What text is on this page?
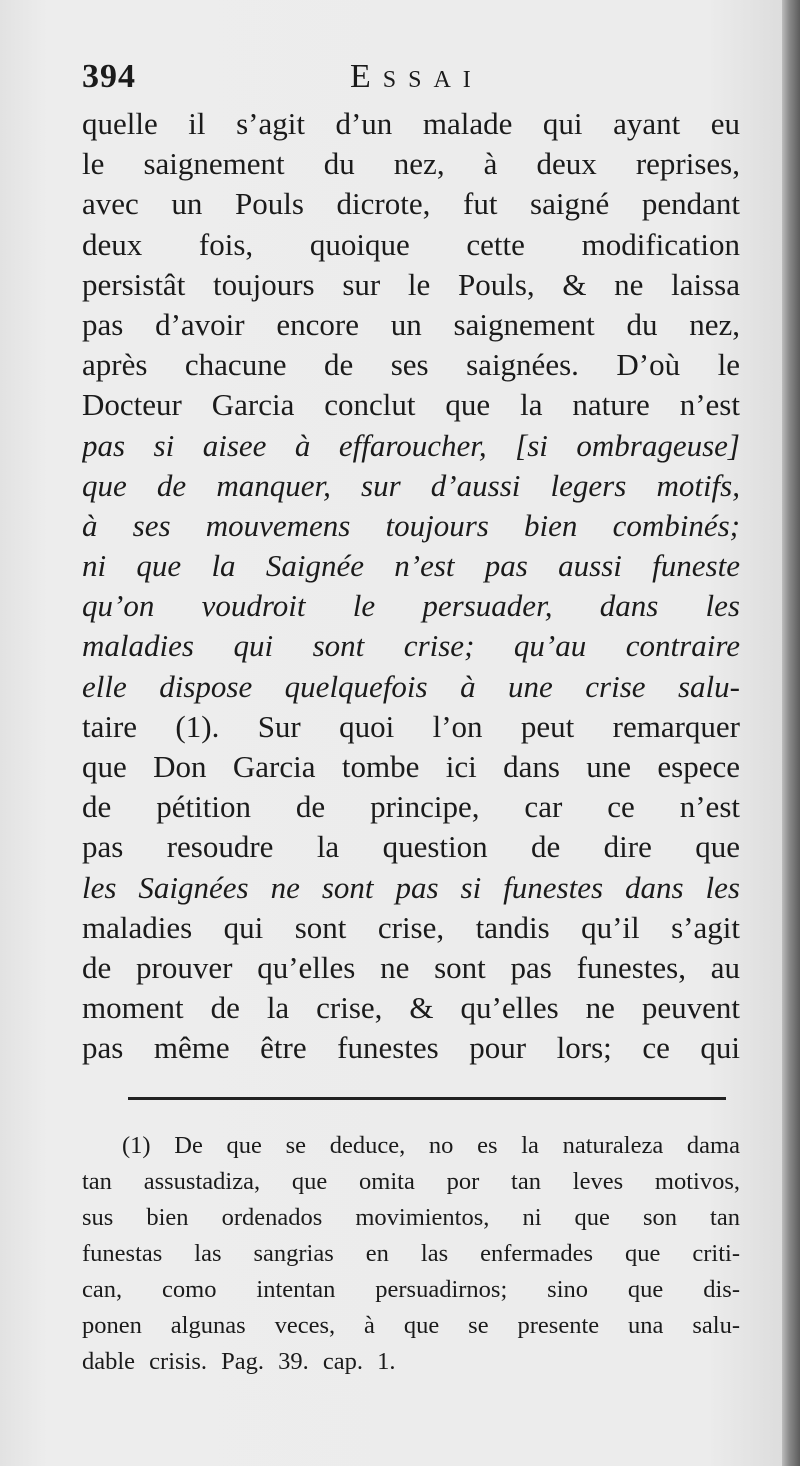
394	Essai
quelle il s’agit d’un malade qui ayant eu
le saignement du nez, à deux reprises,
avec un Pouls dicrote, fut saigné pendant
deux fois, quoique cette modification
persistât toujours sur le Pouls, & ne laissa
pas d’avoir encore un saignement du nez,
après chacune de ses saignées. D’où le
Docteur Garcia conclut que la nature n’est
pas si aisee à effaroucher, [si ombrageuse]
que de manquer, sur d’aussi legers motifs,
à ses mouvemens toujours bien combinés;
ni que la Saignée n’est pas aussi funeste
qu’on voudroit le persuader, dans les
maladies qui sont crise; qu’au contraire
elle dispose quelquefois à une crise salu-
taire (1). Sur quoi l’on peut remarquer
que Don Garcia tombe ici dans une espece
de pétition de principe, car ce n’est
pas resoudre la question de dire que
les Saignées ne sont pas si funestes dans les
maladies qui sont crise, tandis qu’il s’agit
de prouver qu’elles ne sont pas funestes, au
moment de la crise, & qu’elles ne peuvent
pas même être funestes pour lors; ce qui
(1) De que se deduce, no es la naturaleza dama
tan assustadiza, que omita por tan leves motivos,
sus bien ordenados movimientos, ni que son tan
funestas las sangrias en las enfermades que criti-
can, como intentan persuadirnos; sino que dis-
ponen algunas veces, à que se presente una salu-
dable crisis. Pag. 39. cap. 1.
